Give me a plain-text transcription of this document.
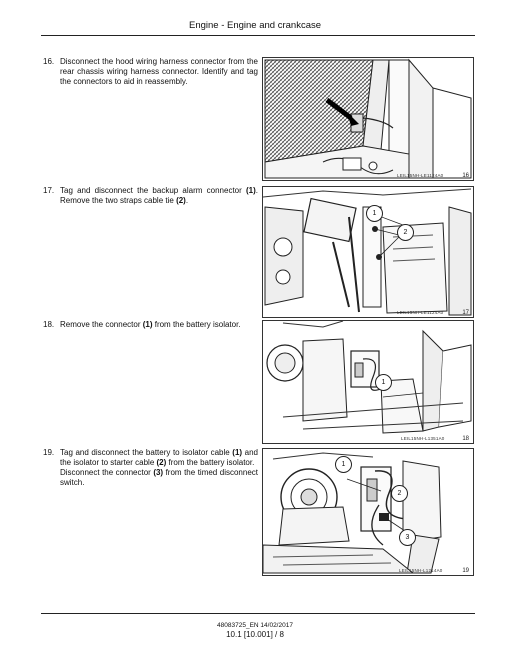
Engine - Engine and crankcase
16. Disconnect the hood wiring harness connector from the rear chassis wiring harness connector. Identify and tag the connectors to aid in reassembly.
LEIL15NH-LE1124A0	16
17. Tag and disconnect the backup alarm connector (1). Remove the two straps cable tie (2).
1
2
LEIL15NH-LE1124A0	17
18. Remove the connector (1) from the battery isolator.
1
LEIL15NH-L1351A0	18
19. Tag and disconnect the battery to isolator cable (1) and the isolator to starter cable (2) from the battery isolator.
Disconnect the connector (3) from the timed disconnect switch.
1
2
3
LEIL15NH-L1214A0	19
48083725_EN 14/02/2017
10.1 [10.001] / 8
